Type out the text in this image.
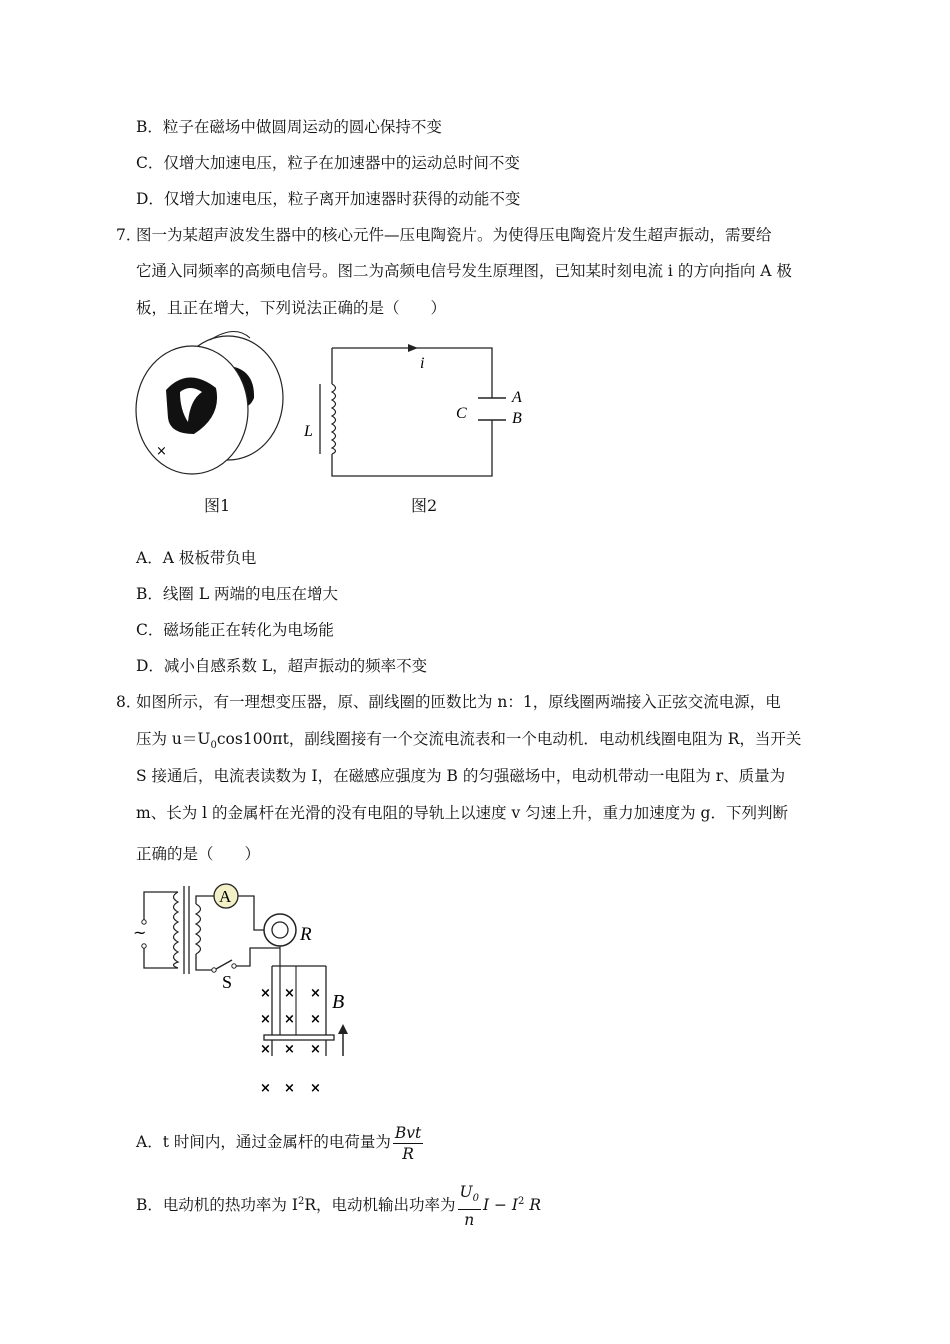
B．粒子在磁场中做圆周运动的圆心保持不变
C．仅增大加速电压，粒子在加速器中的运动总时间不变
D．仅增大加速电压，粒子离开加速器时获得的动能不变
7．
图一为某超声波发生器中的核心元件—压电陶瓷片。为使得压电陶瓷片发生超声振动，需要给
它通入同频率的高频电信号。图二为高频电信号发生原理图，已知某时刻电流 i 的方向指向 A 极
板，且正在增大，下列说法正确的是（　　）
×
图1
i
A
B
C
L
图2
A．A 极板带负电
B．线圈 L 两端的电压在增大
C．磁场能正在转化为电场能
D．减小自感系数 L，超声振动的频率不变
8．
如图所示，有一理想变压器，原、副线圈的匝数比为 n：1，原线圈两端接入正弦交流电源，电
压为 $u=U_0\cos 100\pi t$，副线圈接有一个交流电流表和一个电动机．电动机线圈电阻为 R，当开关
S 接通后，电流表读数为 I，在磁感应强度为 B 的匀强磁场中，电动机带动一电阻为 r、质量为
m、长为 l 的金属杆在光滑的没有电阻的导轨上以速度 v 匀速上升，重力加速度为 g．下列判断
正确的是（　　）
~
A
S
R
× × ×
× × ×
× × ×
× × ×
B
A．t 时间内，通过金属杆的电荷量为 $\frac{\text{Bvt}}{R}$
B．电动机的热功率为 $I^2R$，电动机输出功率为 $\frac{U_0}{n}$ $I - I^2$ R
